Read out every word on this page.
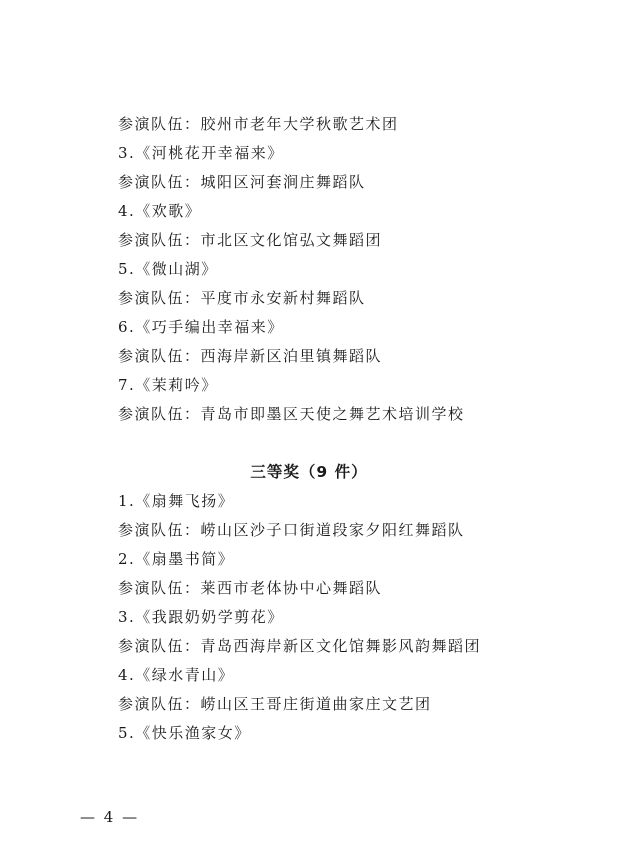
参演队伍：胶州市老年大学秋歌艺术团
3.《河桃花开幸福来》
参演队伍：城阳区河套涧庄舞蹈队
4.《欢歌》
参演队伍：市北区文化馆弘文舞蹈团
5.《微山湖》
参演队伍：平度市永安新村舞蹈队
6.《巧手编出幸福来》
参演队伍：西海岸新区泊里镇舞蹈队
7.《茉莉吟》
参演队伍：青岛市即墨区天使之舞艺术培训学校
三等奖（9 件）
1.《扇舞飞扬》
参演队伍：崂山区沙子口街道段家夕阳红舞蹈队
2.《扇墨书简》
参演队伍：莱西市老体协中心舞蹈队
3.《我跟奶奶学剪花》
参演队伍：青岛西海岸新区文化馆舞影风韵舞蹈团
4.《绿水青山》
参演队伍：崂山区王哥庄街道曲家庄文艺团
5.《快乐渔家女》
— 4 —
